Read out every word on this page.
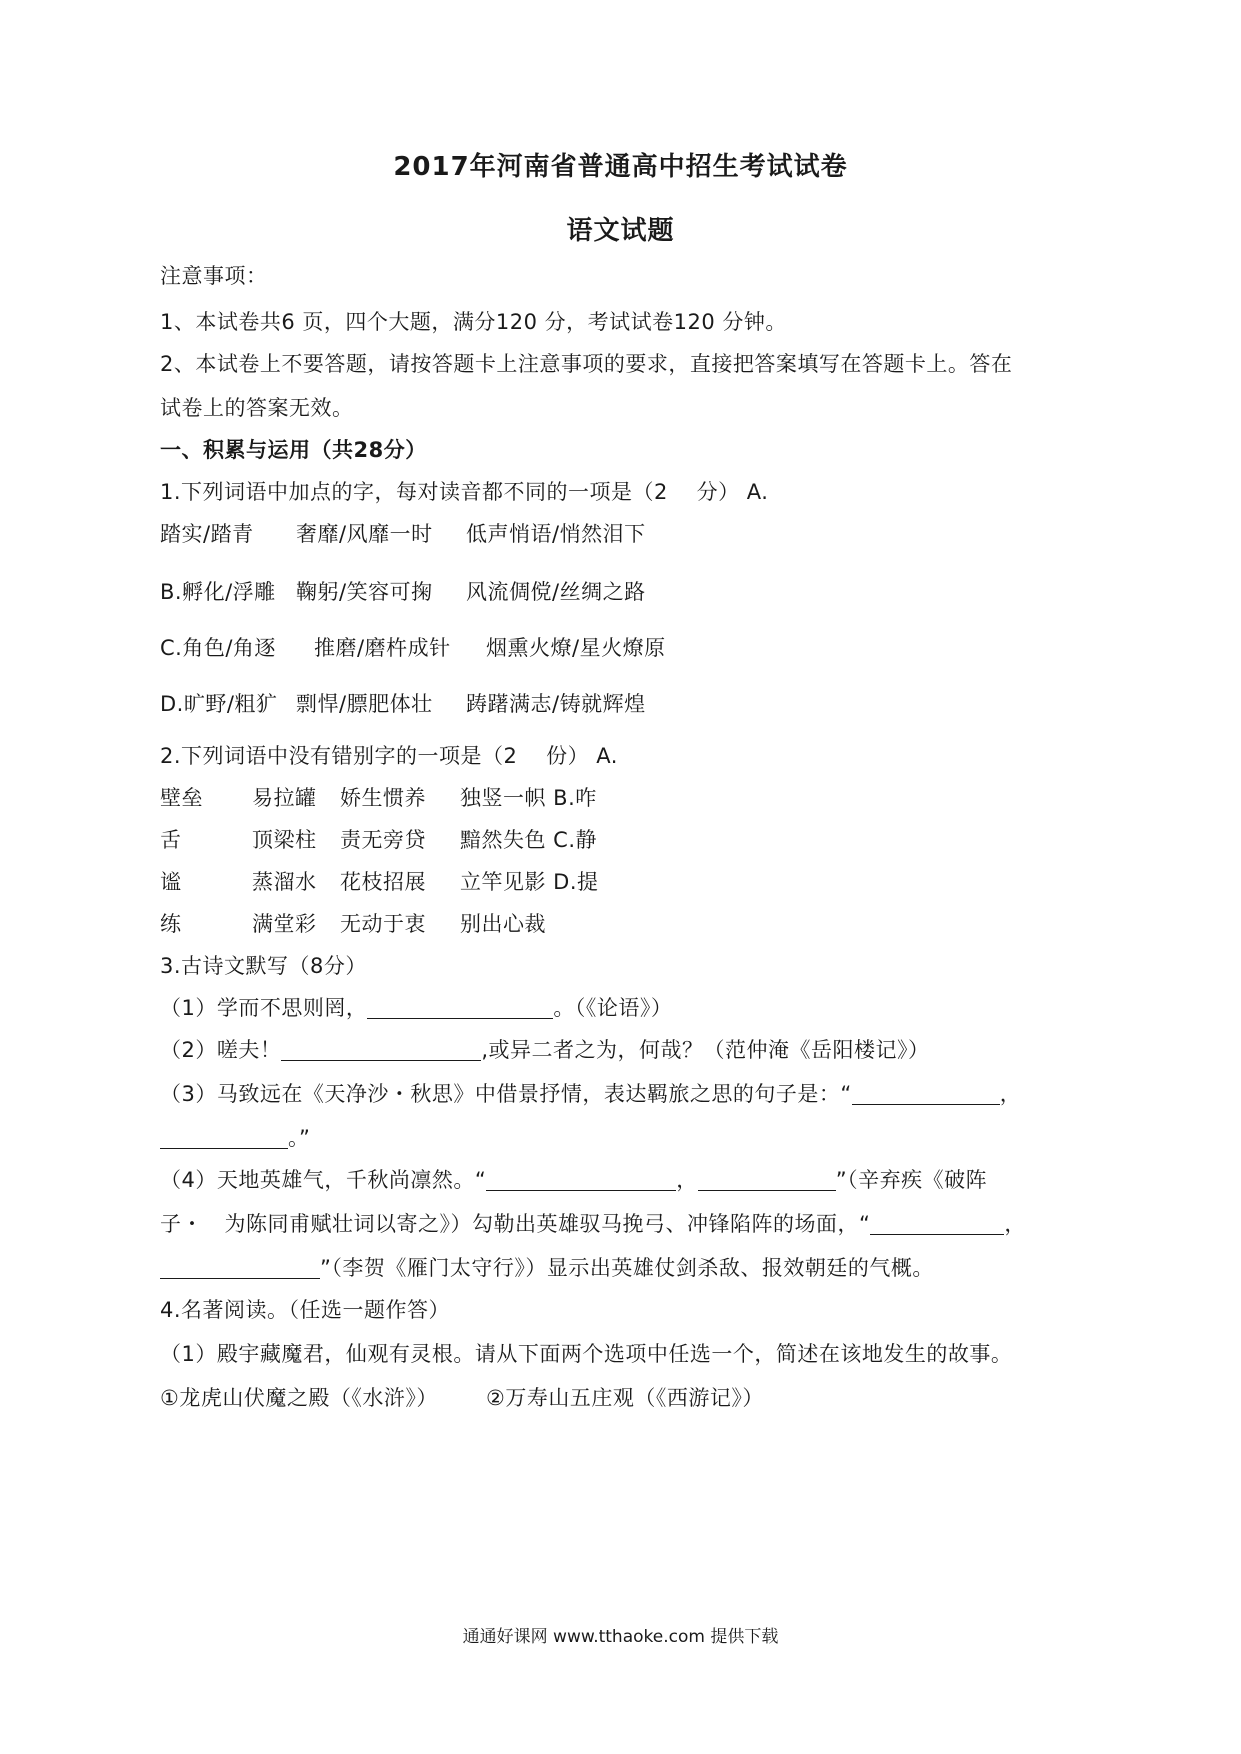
2017年河南省普通高中招生考试试卷
语文试题
注意事项：
1、本试卷共6 页，四个大题，满分120 分，考试试卷120 分钟。
2、本试卷上不要答题，请按答题卡上注意事项的要求，直接把答案填写在答题卡上。答在
试卷上的答案无效。
一、积累与运用（共28分）
1.下列词语中加点的字，每对读音都不同的一项是（2　 分） A.
踏实/踏青 奢靡/风靡一时 低声悄语/悄然泪下
B.孵化/浮雕 鞠躬/笑容可掬 风流倜傥/丝绸之路
C.角色/角逐 推磨/磨杵成针 烟熏火燎/星火燎原
D.旷野/粗犷 剽悍/膘肥体壮 踌躇满志/铸就辉煌
2.下列词语中没有错别字的一项是（2　 份） A.
壁垒 易拉罐 娇生惯养 独竖一帜 B.咋
舌	顶梁柱 责无旁贷 黯然失色 C.静
谧	蒸溜水 花枝招展 立竿见影 D.提
练	满堂彩 无动于衷 别出心裁
3.古诗文默写（8分）
（1）学而不思则罔，	。（《论语》）
（2）嗟夫！	,或异二者之为，何哉？（范仲淹《岳阳楼记》）
（3）马致远在《天净沙・秋思》中借景抒情，表达羁旅之思的句子是：“	，
。”
（4）天地英雄气，千秋尚凛然。“	，	”（辛弃疾《破阵
子・　为陈同甫赋壮词以寄之》）勾勒出英雄驭马挽弓、冲锋陷阵的场面，“	，
”（李贺《雁门太守行》）显示出英雄仗剑杀敌、报效朝廷的气概。
4.名著阅读。（任选一题作答）
（1）殿宇藏魔君，仙观有灵根。请从下面两个选项中任选一个，简述在该地发生的故事。
①龙虎山伏魔之殿（《水浒》） ②万寿山五庄观（《西游记》）
通通好课网 www.tthaoke.com 提供下载
